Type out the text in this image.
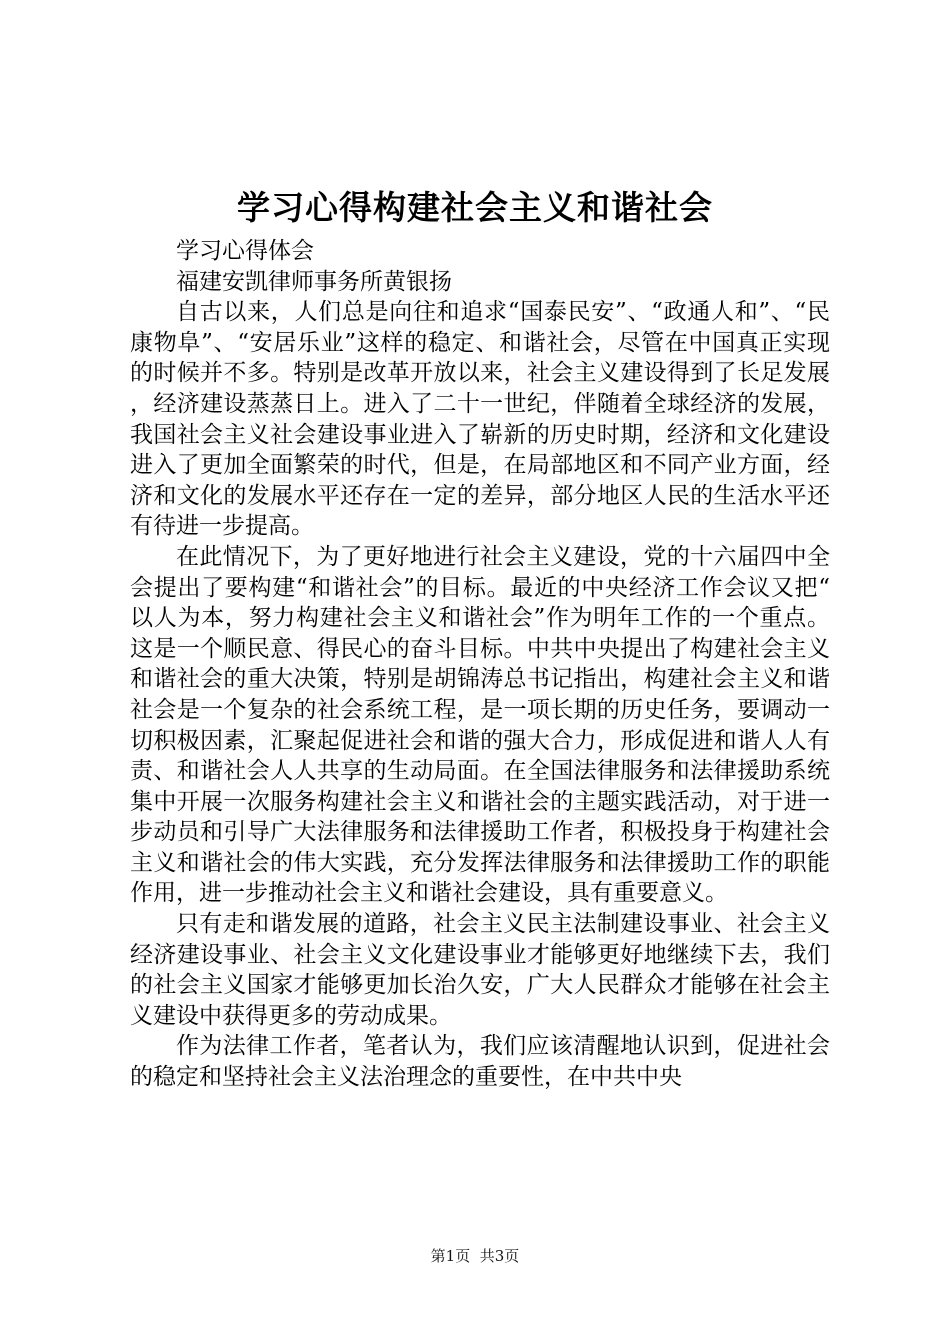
学习心得构建社会主义和谐社会

学习心得体会

福建安凯律师事务所黄银扬

自古以来，人们总是向往和追求“国泰民安”、“政通人和”、“民康物阜”、“安居乐业”这样的稳定、和谐社会，尽管在中国真正实现的时候并不多。特别是改革开放以来，社会主义建设得到了长足发展，经济建设蒸蒸日上。进入了二十一世纪，伴随着全球经济的发展，我国社会主义社会建设事业进入了崭新的历史时期，经济和文化建设进入了更加全面繁荣的时代，但是，在局部地区和不同产业方面，经济和文化的发展水平还存在一定的差异，部分地区人民的生活水平还有待进一步提高。

在此情况下，为了更好地进行社会主义建设，党的十六届四中全会提出了要构建“和谐社会”的目标。最近的中央经济工作会议又把“以人为本，努力构建社会主义和谐社会”作为明年工作的一个重点。这是一个顺民意、得民心的奋斗目标。中共中央提出了构建社会主义和谐社会的重大决策，特别是胡锦涛总书记指出，构建社会主义和谐社会是一个复杂的社会系统工程，是一项长期的历史任务，要调动一切积极因素，汇聚起促进社会和谐的强大合力，形成促进和谐人人有责、和谐社会人人共享的生动局面。在全国法律服务和法律援助系统集中开展一次服务构建社会主义和谐社会的主题实践活动，对于进一步动员和引导广大法律服务和法律援助工作者，积极投身于构建社会主义和谐社会的伟大实践，充分发挥法律服务和法律援助工作的职能作用，进一步推动社会主义和谐社会建设，具有重要意义。

只有走和谐发展的道路，社会主义民主法制建设事业、社会主义经济建设事业、社会主义文化建设事业才能够更好地继续下去，我们的社会主义国家才能够更加长治久安，广大人民群众才能够在社会主义建设中获得更多的劳动成果。

作为法律工作者，笔者认为，我们应该清醒地认识到，促进社会的稳定和坚持社会主义法治理念的重要性，在中共中央

第1页 共3页
